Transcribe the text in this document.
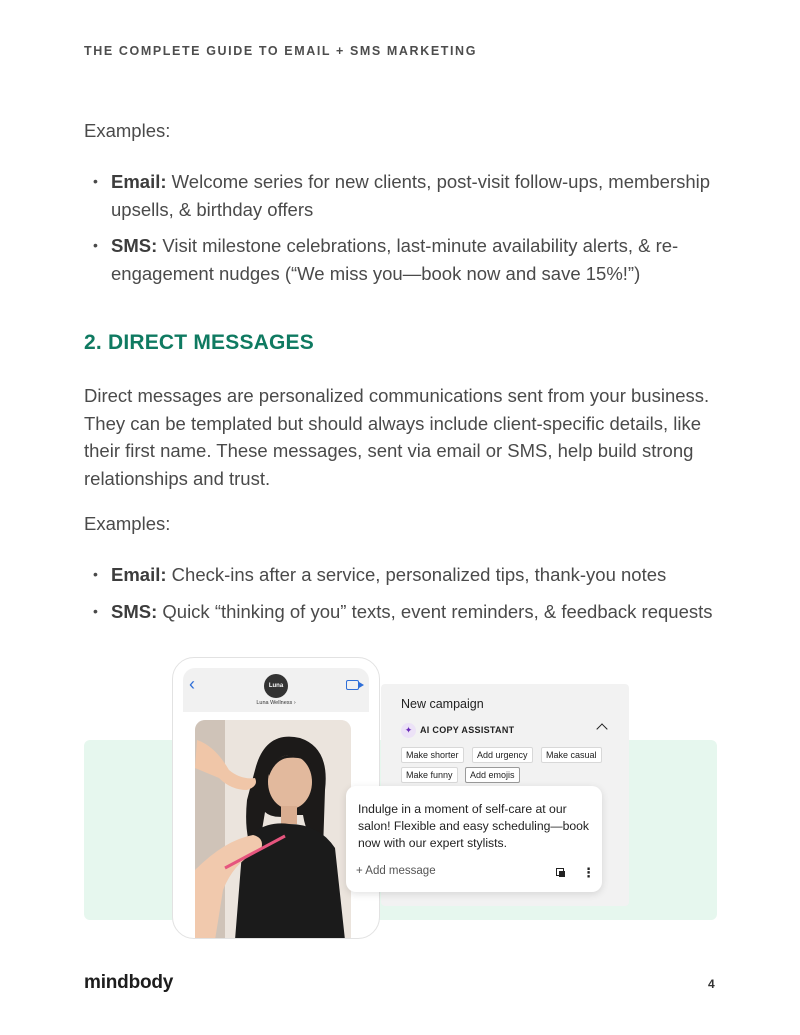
THE COMPLETE GUIDE TO EMAIL + SMS MARKETING

Examples:

• Email: Welcome series for new clients, post-visit follow-ups, membership upsells, & birthday offers
• SMS: Visit milestone celebrations, last-minute availability alerts, & re-engagement nudges (“We miss you—book now and save 15%!”)
2. DIRECT MESSAGES

Direct messages are personalized communications sent from your business. They can be templated but should always include client-specific details, like their first name. These messages, sent via email or SMS, help build strong relationships and trust.

Examples:

• Email: Check-ins after a service, personalized tips, thank-you notes
• SMS: Quick “thinking of you” texts, event reminders, & feedback requests
‹	Luna
Luna Wellness ›	New campaign
✦ AI COPY ASSISTANT
Make shorter	Add urgency	Make casual
Make funny	Add emojis
Indulge in a moment of self-care at our salon! Flexible and easy scheduling—book now with our expert stylists.
+ Add message	⋮
mindbody	4
